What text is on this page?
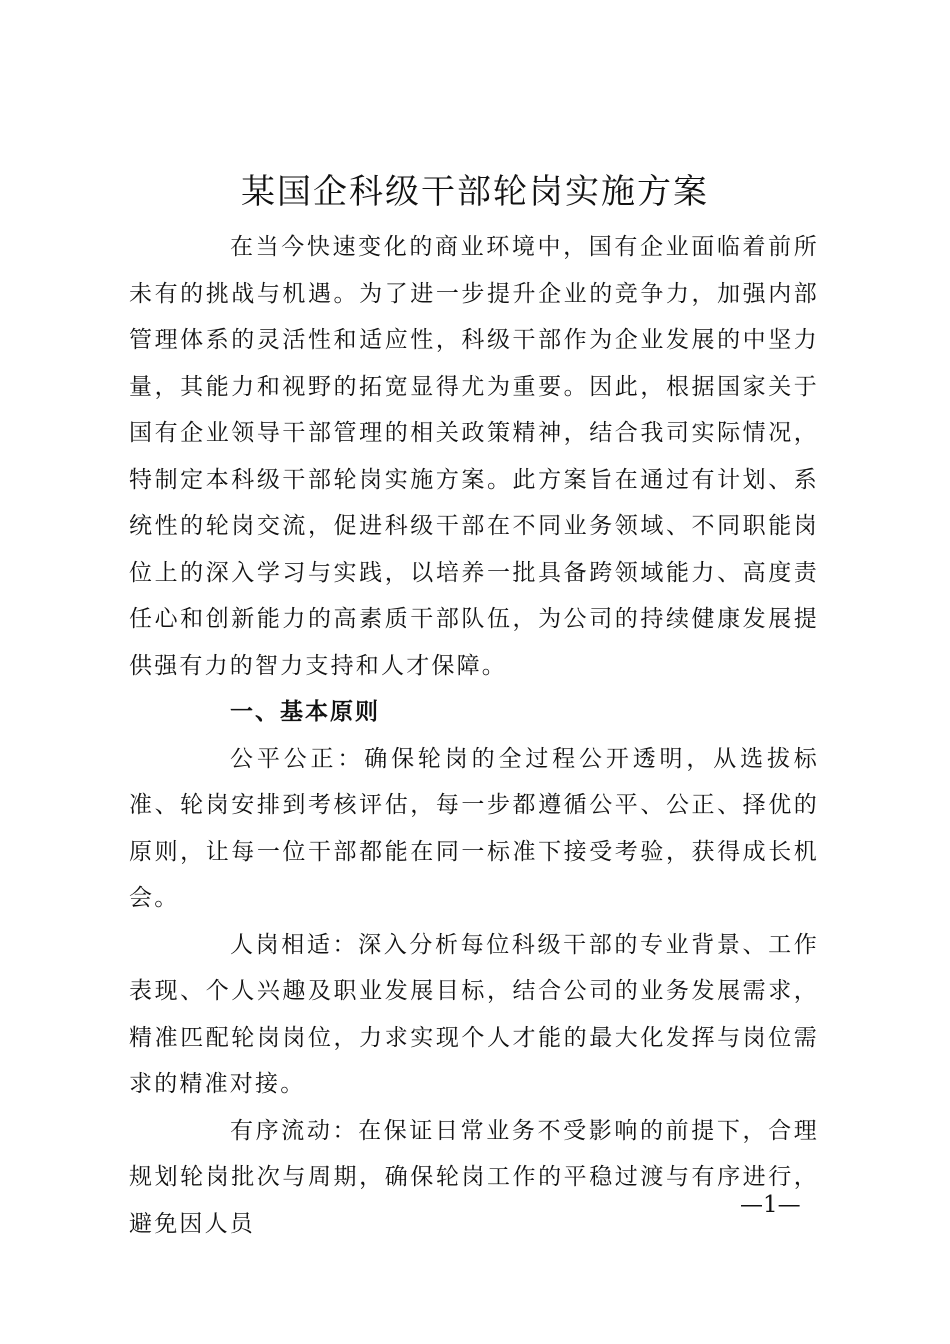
某国企科级干部轮岗实施方案

在当今快速变化的商业环境中，国有企业面临着前所未有的挑战与机遇。为了进一步提升企业的竞争力，加强内部管理体系的灵活性和适应性，科级干部作为企业发展的中坚力量，其能力和视野的拓宽显得尤为重要。因此，根据国家关于国有企业领导干部管理的相关政策精神，结合我司实际情况，特制定本科级干部轮岗实施方案。此方案旨在通过有计划、系统性的轮岗交流，促进科级干部在不同业务领域、不同职能岗位上的深入学习与实践，以培养一批具备跨领域能力、高度责任心和创新能力的高素质干部队伍，为公司的持续健康发展提供强有力的智力支持和人才保障。

一、基本原则

公平公正：确保轮岗的全过程公开透明，从选拔标准、轮岗安排到考核评估，每一步都遵循公平、公正、择优的原则，让每一位干部都能在同一标准下接受考验，获得成长机会。

人岗相适：深入分析每位科级干部的专业背景、工作表现、个人兴趣及职业发展目标，结合公司的业务发展需求，精准匹配轮岗岗位，力求实现个人才能的最大化发挥与岗位需求的精准对接。

有序流动：在保证日常业务不受影响的前提下，合理规划轮岗批次与周期，确保轮岗工作的平稳过渡与有序进行，避免因人员

—1—
